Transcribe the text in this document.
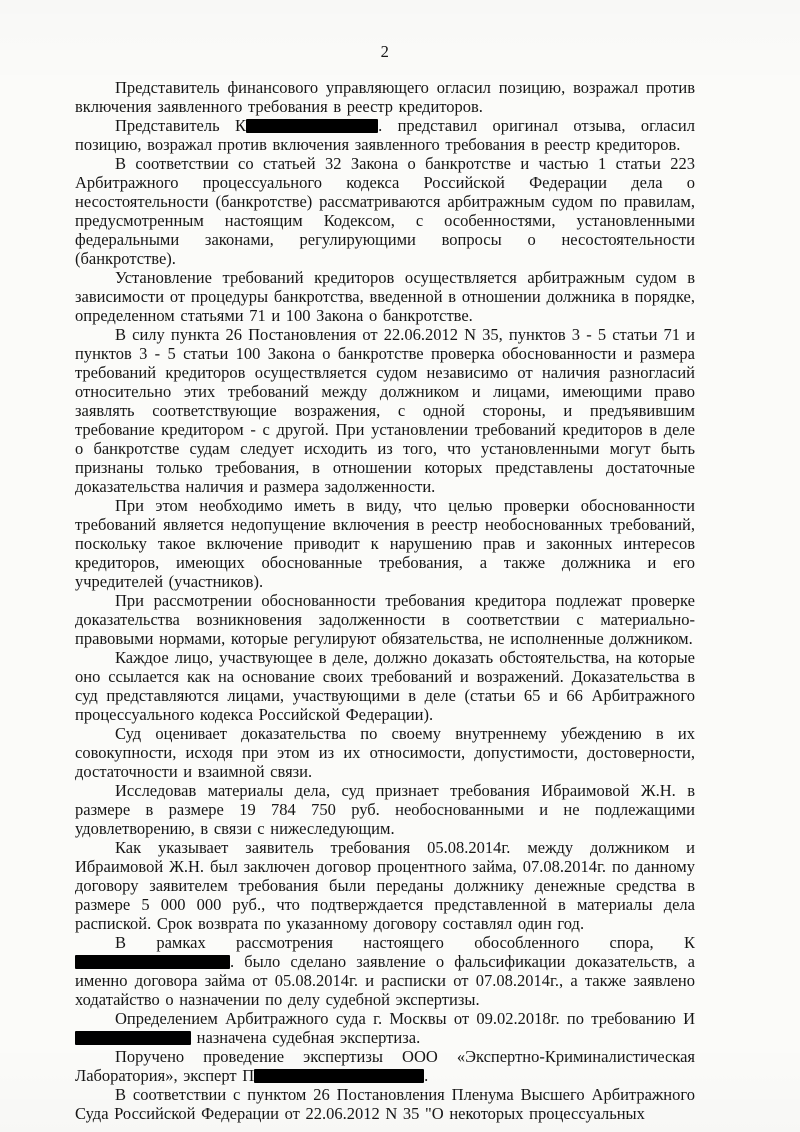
2

Представитель финансового управляющего огласил позицию, возражал против включения заявленного требования в реестр кредиторов.

Представитель К	. представил оригинал отзыва, огласил позицию, возражал против включения заявленного требования в реестр кредиторов.

В соответствии со статьей 32 Закона о банкротстве и частью 1 статьи 223 Арбитражного процессуального кодекса Российской Федерации дела о несостоятельности (банкротстве) рассматриваются арбитражным судом по правилам, предусмотренным настоящим Кодексом, с особенностями, установленными федеральными законами, регулирующими вопросы о несостоятельности (банкротстве).

Установление требований кредиторов осуществляется арбитражным судом в зависимости от процедуры банкротства, введенной в отношении должника в порядке, определенном статьями 71 и 100 Закона о банкротстве.

В силу пункта 26 Постановления от 22.06.2012 N 35, пунктов 3 - 5 статьи 71 и пунктов 3 - 5 статьи 100 Закона о банкротстве проверка обоснованности и размера требований кредиторов осуществляется судом независимо от наличия разногласий относительно этих требований между должником и лицами, имеющими право заявлять соответствующие возражения, с одной стороны, и предъявившим требование кредитором - с другой. При установлении требований кредиторов в деле о банкротстве судам следует исходить из того, что установленными могут быть признаны только требования, в отношении которых представлены достаточные доказательства наличия и размера задолженности.

При этом необходимо иметь в виду, что целью проверки обоснованности требований является недопущение включения в реестр необоснованных требований, поскольку такое включение приводит к нарушению прав и законных интересов кредиторов, имеющих обоснованные требования, а также должника и его учредителей (участников).

При рассмотрении обоснованности требования кредитора подлежат проверке доказательства возникновения задолженности в соответствии с материально-правовыми нормами, которые регулируют обязательства, не исполненные должником.

Каждое лицо, участвующее в деле, должно доказать обстоятельства, на которые оно ссылается как на основание своих требований и возражений. Доказательства в суд представляются лицами, участвующими в деле (статьи 65 и 66 Арбитражного процессуального кодекса Российской Федерации).

Суд оценивает доказательства по своему внутреннему убеждению в их совокупности, исходя при этом из их относимости, допустимости, достоверности, достаточности и взаимной связи.

Исследовав материалы дела, суд признает требования Ибраимовой Ж.Н. в размере в размере 19 784 750 руб. необоснованными и не подлежащими удовлетворению, в связи с нижеследующим.

Как указывает заявитель требования 05.08.2014г. между должником и Ибраимовой Ж.Н. был заключен договор процентного займа, 07.08.2014г. по данному договору заявителем требования были переданы должнику денежные средства в размере 5 000 000 руб., что подтверждается представленной в материалы дела распиской. Срок возврата по указанному договору составлял один год.

В рамках рассмотрения настоящего обособленного спора, К. было сделано заявление о фальсификации доказательств, а именно договора займа от 05.08.2014г. и расписки от 07.08.2014г., а также заявлено ходатайство о назначении по делу судебной экспертизы.

Определением Арбитражного суда г. Москвы от 09.02.2018г. по требованию И назначена судебная экспертиза.

Поручено проведение экспертизы ООО «Экспертно-Криминалистическая Лаборатория», эксперт П	.

В соответствии с пунктом 26 Постановления Пленума Высшего Арбитражного Суда Российской Федерации от 22.06.2012 N 35 "О некоторых процессуальных
